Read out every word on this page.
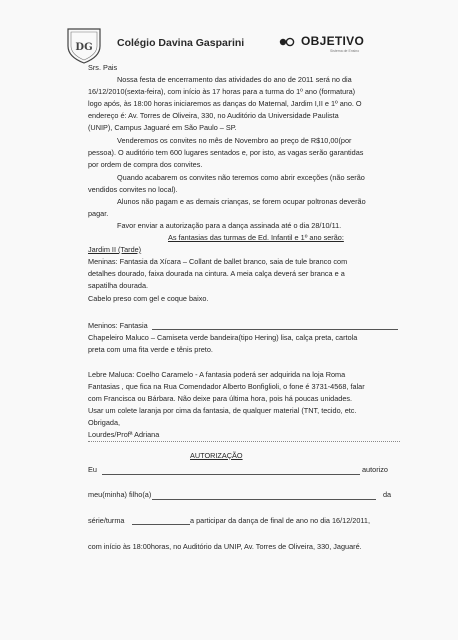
DG Colégio Davina Gasparini	OBJETIVO
Sistema de Ensino
Srs. Pais
Nossa festa de encerramento das atividades do ano de 2011 será no dia
16/12/2010(sexta-feira), com início às 17 horas para a turma do 1º ano (formatura)
logo após, às 18:00 horas iniciaremos as danças do Maternal, Jardim I,II e 1º ano. O
endereço é: Av. Torres de Oliveira, 330, no Auditório da Universidade Paulista
(UNIP), Campus Jaguaré em São Paulo – SP.
Venderemos os convites no mês de Novembro ao preço de R$10,00(por
pessoa). O auditório tem 600 lugares sentados e, por isto, as vagas serão garantidas
por ordem de compra dos convites.
Quando acabarem os convites não teremos como abrir exceções (não serão
vendidos convites no local).
Alunos não pagam e as demais crianças, se forem ocupar poltronas deverão
pagar.
Favor enviar a autorização para a dança assinada até o dia 28/10/11.
As fantasias das turmas de Ed. Infantil e 1º ano serão:
Jardim II (Tarde)
Meninas: Fantasia da Xícara – Collant de ballet branco, saia de tule branco com
detalhes dourado, faixa dourada na cintura. A meia calça deverá ser branca e a
sapatilha dourada.
Cabelo preso com gel e coque baixo.
Meninos: Fantasia
Chapeleiro Maluco – Camiseta verde bandeira(tipo Hering) lisa, calça preta, cartola
preta com uma fita verde e tênis preto.
Lebre Maluca: Coelho Caramelo - A fantasia poderá ser adquirida na loja Roma
Fantasias , que fica na Rua Comendador Alberto Bonfiglioli, o fone é 3731-4568, falar
com Francisca ou Bárbara. Não deixe para última hora, pois há poucas unidades.
Usar um colete laranja por cima da fantasia, de qualquer material (TNT, tecido, etc.
Obrigada,
Lourdes/Profª Adriana
AUTORIZAÇÃO
Eu	autorizo
meu(minha) filho(a)	da
série/turma	a participar da dança de final de ano no dia 16/12/2011,
com início às 18:00horas, no Auditório da UNIP, Av. Torres de Oliveira, 330, Jaguaré.
